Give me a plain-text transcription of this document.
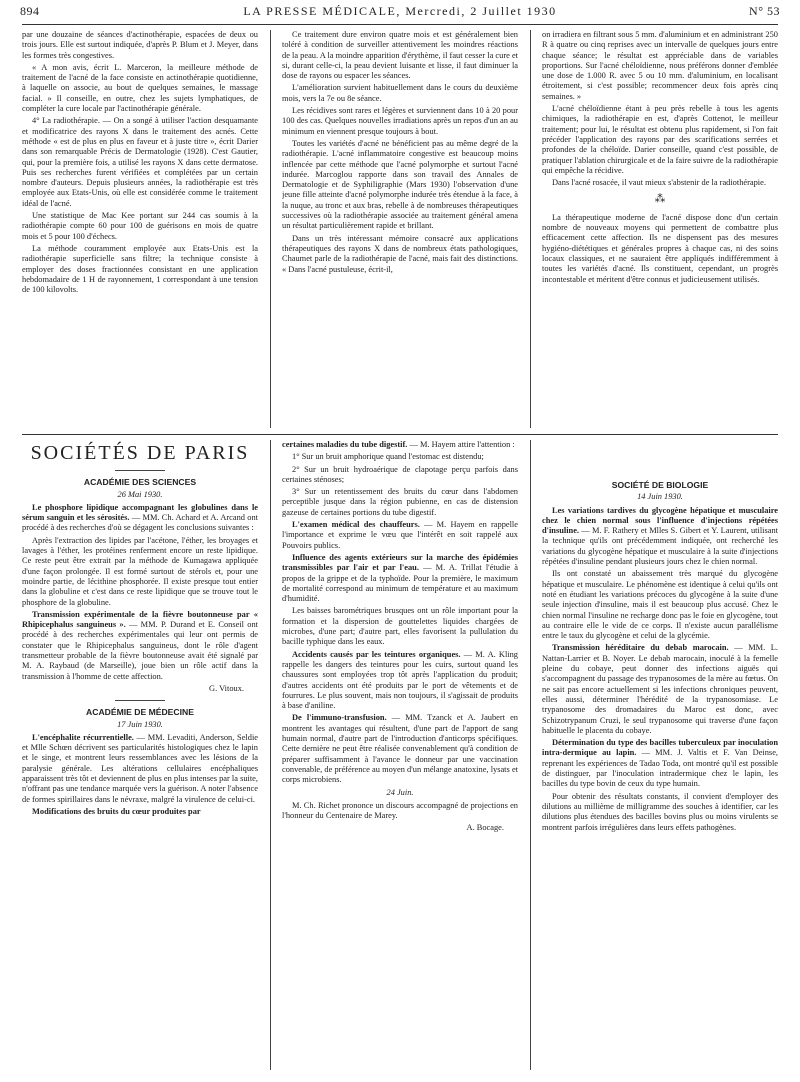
894	LA PRESSE MÉDICALE, Mercredi, 2 Juillet 1930	N° 53

par une douzaine de séances d'actinothérapie, espacées de deux ou trois jours. Elle est surtout indiquée, d'après P. Blum et J. Meyer, dans les formes très congestives.

« A mon avis, écrit L. Marceron, la meilleure méthode de traitement de l'acné de la face consiste en actinothérapie quotidienne, à laquelle on associe, au bout de quelques semaines, le massage facial. » Il conseille, en outre, chez les sujets lymphatiques, de compléter la cure locale par l'actinothérapie générale.

4° La radiothérapie. — On a songé à utiliser l'action desquamante et modificatrice des rayons X dans le traitement des acnés. Cette méthode « est de plus en plus en faveur et à juste titre », écrit Darier dans son remarquable Précis de Dermatologie (1928). C'est Gautier, qui, pour la première fois, a utilisé les rayons X dans cette dermatose. Puis ses recherches furent vérifiées et complétées par un certain nombre d'auteurs. Depuis plusieurs années, la radiothérapie est très employée aux Etats-Unis, où elle est considérée comme le traitement idéal de l'acné.

Une statistique de Mac Kee portant sur 244 cas soumis à la radiothérapie compte 60 pour 100 de guérisons en mois de quatre mois et 5 pour 100 d'échecs.

La méthode couramment employée aux Etats-Unis est la radiothérapie superficielle sans filtre; la technique consiste à employer des doses fractionnées consistant en une application hebdomadaire de 1 H de rayonnement, 1 correspondant à une tension de 100 kilovolts.

Ce traitement dure environ quatre mois et est généralement bien toléré à condition de surveiller attentivement les moindres réactions de la peau. A la moindre apparition d'érythème, il faut cesser la cure et si, durant celle-ci, la peau devient luisante et lisse, il faut diminuer la dose de rayons ou espacer les séances.

L'amélioration survient habituellement dans le cours du deuxième mois, vers la 7e ou 8e séance.

Les récidives sont rares et légères et surviennent dans 10 à 20 pour 100 des cas. Quelques nouvelles irradiations après un repos d'un an au minimum en viennent presque toujours à bout.

Toutes les variétés d'acné ne bénéficient pas au même degré de la radiothérapie. L'acné inflammatoire congestive est beaucoup moins inflencée par cette méthode que l'acné polymorphe et surtout l'acné indurée. Marcoglou rapporte dans son travail des Annales de Dermatologie et de Syphiligraphie (Mars 1930) l'observation d'une jeune fille atteinte d'acné polymorphe indurée très étendue à la face, à la nuque, au tronc et aux bras, rebelle à de nombreuses thérapeutiques successives où la radiothérapie associée au traitement général amena un résultat particulièrement rapide et brillant.

Dans un très intéressant mémoire consacré aux applications thérapeutiques des rayons X dans de nombreux états pathologiques, Chaumet parle de la radiothérapie de l'acné, mais fait des distinctions. « Dans l'acné pustuleuse, écrit-il,

on irradiera en filtrant sous 5 mm. d'aluminium et en administrant 250 R à quatre ou cinq reprises avec un intervalle de quelques jours entre chaque séance; le résultat est appréciable dans de variables proportions. Sur l'acné chéloïdienne, nous préférons donner d'emblée une dose de 1.000 R. avec 5 ou 10 mm. d'aluminium, en localisant étroitement, si c'est possible; recommencer deux fois après cinq semaines. »

L'acné chéloïdienne étant à peu près rebelle à tous les agents chimiques, la radiothérapie en est, d'après Cottenot, le meilleur traitement; pour lui, le résultat est obtenu plus rapidement, si l'on fait précéder l'application des rayons par des scarifications serrées et profondes de la chéloïde. Darier conseille, quand c'est possible, de pratiquer l'ablation chirurgicale et de la faire suivre de la radiothérapie qui empêche la récidive.

Dans l'acné rosacée, il vaut mieux s'abstenir de la radiothérapie.

⁂

La thérapeutique moderne de l'acné dispose donc d'un certain nombre de nouveaux moyens qui permettent de combattre plus efficacement cette affection. Ils ne dispensent pas des mesures hygiéno-diététiques et générales propres à chaque cas, ni des soins locaux classiques, et ne sauraient être appliqués indifféremment à toutes les variétés d'acné. Ils constituent, cependant, un progrès incontestable et méritent d'être connus et judicieusement utilisés.

SOCIÉTÉS DE PARIS
ACADÉMIE DES SCIENCES
26 Mai 1930.

Le phosphore lipidique accompagnant les globulines dans le sérum sanguin et les sérosités. — MM. Ch. Achard et A. Arcand ont procédé à des recherches d'où se dégagent les conclusions suivantes :

Après l'extraction des lipides par l'acétone, l'éther, les broyages et lavages à l'éther, les protéines renferment encore un reste lipidique. Ce reste peut être extrait par la méthode de Kumagawa appliquée d'une façon prolongée. Il est formé surtout de stérols et, pour une moindre partie, de lécithine phosphorée. Il existe presque tout entier dans la globuline et c'est dans ce reste lipidique que se trouve tout le phosphore de la globuline.

Transmission expérimentale de la fièvre boutonneuse par « Rhipicephalus sanguineus ». — MM. P. Durand et E. Conseil ont procédé à des recherches expérimentales qui leur ont permis de constater que le Rhipicephalus sanguineus, dont le rôle d'agent transmetteur probable de la fièvre boutonneuse avait été signalé par M. A. Raybaud (de Marseille), joue bien un rôle actif dans la transmission à l'homme de cette affection.

G. Vitoux.
ACADÉMIE DE MÉDECINE
17 Juin 1930.

L'encéphalite récurrentielle. — MM. Levaditi, Anderson, Seldie et Mlle Schœn décrivent ses particularités histologiques chez le lapin et le singe, et montrent leurs ressemblances avec les lésions de la paralysie générale. Les altérations cellulaires encéphaliques apparaissent très tôt et deviennent de plus en plus intenses par la suite, n'offrant pas une tendance marquée vers la guérison. A noter l'absence de formes spirillaires dans le névraxe, malgré la virulence de celui-ci.

Modifications des bruits du cœur produites par

certaines maladies du tube digestif. — M. Hayem attire l'attention :

1° Sur un bruit amphorique quand l'estomac est distendu;

2° Sur un bruit hydroaérique de clapotage perçu parfois dans certaines sténoses;

3° Sur un retentissement des bruits du cœur dans l'abdomen perceptible jusque dans la région pubienne, en cas de distension gazeuse de certaines portions du tube digestif.

L'examen médical des chauffeurs. — M. Hayem en rappelle l'importance et exprime le vœu que l'intérêt en soit rappelé aux Pouvoirs publics.

Influence des agents extérieurs sur la marche des épidémies transmissibles par l'air et par l'eau. — M. A. Trillat l'étudie à propos de la grippe et de la typhoïde. Pour la première, le maximum de mortalité correspond au minimum de température et au maximum d'humidité.

Les baisses barométriques brusques ont un rôle important pour la formation et la dispersion de gouttelettes liquides chargées de microbes, d'une part; d'autre part, elles favorisent la pullulation du bacille typhique dans les eaux.

Accidents causés par les teintures organiques. — M. A. Kling rappelle les dangers des teintures pour les cuirs, surtout quand les chaussures sont employées trop tôt après l'application du produit; d'autres accidents ont été produits par le port de vêtements et de fourrures. Le plus souvent, mais non toujours, il s'agissait de produits à base d'aniline.

De l'immuno-transfusion. — MM. Tzanck et A. Jaubert en montrent les avantages qui résultent, d'une part de l'apport de sang humain normal, d'autre part de l'introduction d'anticorps spécifiques. Cette dernière ne peut être réalisée convenablement qu'à condition de préparer suffisamment à l'avance le donneur par une vaccination convenable, de préférence au moyen d'un mélange anatoxine, lysats et corps microbiens.

24 Juin.

M. Ch. Richet prononce un discours accompagné de projections en l'honneur du Centenaire de Marey.

A. Bocage.
SOCIÉTÉ DE BIOLOGIE
14 Juin 1930.

Les variations tardives du glycogène hépatique et musculaire chez le chien normal sous l'influence d'injections répétées d'insuline. — M. F. Rathery et Mlles S. Gibert et Y. Laurent, utilisant la technique qu'ils ont précédemment indiquée, ont recherché les variations du glycogène hépatique et musculaire à la suite d'injections répétées d'insuline pendant plusieurs jours chez le chien normal.

Ils ont constaté un abaissement très marqué du glycogène hépatique et musculaire. Le phénomène est identique à celui qu'ils ont noté en étudiant les variations précoces du glycogène à la suite d'une seule injection d'insuline, mais il est beaucoup plus accusé. Chez le chien normal l'insuline ne recharge donc pas le foie en glycogène, tout au contraire elle le vide de ce corps. Il n'existe aucun parallélisme entre le taux du glycogène et celui de la glycémie.

Transmission héréditaire du debab marocain. — MM. L. Nattan-Larrier et B. Noyer. Le debab marocain, inoculé à la femelle pleine du cobaye, peut donner des infections aiguës qui s'accompagnent du passage des trypanosomes de la mère au fœtus. On ne sait pas encore actuellement si les infections chroniques peuvent, elles aussi, déterminer l'hérédité de la trypanosomiase. Le trypanosome des dromadaires du Maroc est donc, avec Schizotrypanum Cruzi, le seul trypanosome qui traverse d'une façon habituelle le placenta du cobaye.

Détermination du type des bacilles tuberculeux par inoculation intra-dermique au lapin. — MM. J. Valtis et F. Van Deinse, reprenant les expériences de Tadao Toda, ont montré qu'il est possible de distinguer, par l'inoculation intradermique chez le lapin, les bacilles du type bovin de ceux du type humain.

Pour obtenir des résultats constants, il convient d'employer des dilutions au millième de milligramme des souches à identifier, car les dilutions plus étendues des bacilles bovins plus ou moins virulents se montrent parfois irrégulières dans leurs effets pathogènes.
